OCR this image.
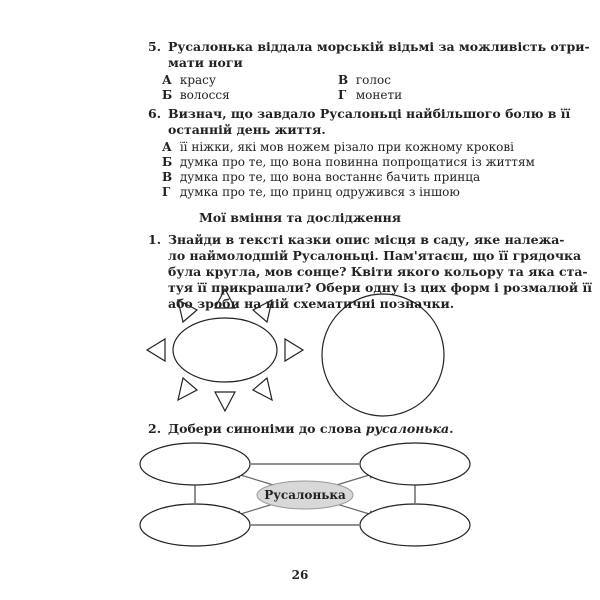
5. Русалонька віддала морській відьмі за можливість отри-
мати ноги
А красу
Б волосся
В голос
Г монети
6. Визнач, що завдало Русалоньці найбільшого болю в її
останній день життя.
А її ніжки, які мов ножем різало при кожному крокові
Б думка про те, що вона повинна попрощатися із життям
В думка про те, що вона востаннє бачить принца
Г думка про те, що принц одружився з іншою
Мої вміння та дослідження
1. Знайди в тексті казки опис місця в саду, яке належа-
ло наймолодшій Русалоньці. Пам'ятаєш, що її грядочка
була кругла, мов сонце? Квіти якого кольору та яка ста-
туя її прикрашали? Обери одну із цих форм і розмалюй її
або зроби на ній схематичні позначки.
2. Добери синоніми до слова русалонька.
Русалонька
26
